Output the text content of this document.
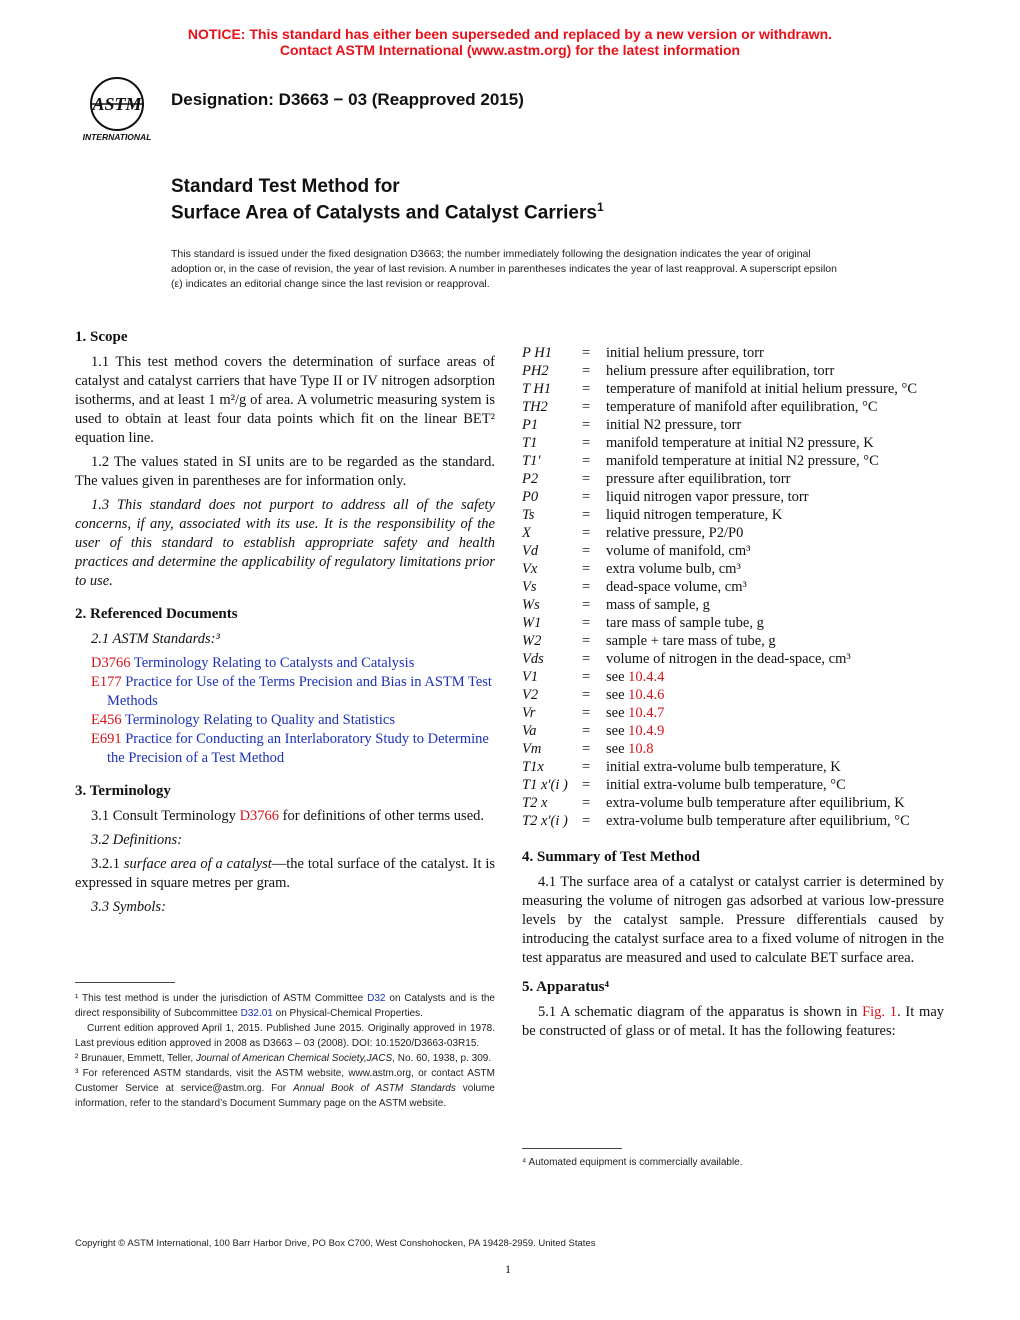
NOTICE: This standard has either been superseded and replaced by a new version or withdrawn.
Contact ASTM International (www.astm.org) for the latest information
ASTM
INTERNATIONAL
Designation: D3663 − 03 (Reapproved 2015)
Standard Test Method for
Surface Area of Catalysts and Catalyst Carriers$^1$
This standard is issued under the fixed designation D3663; the number immediately following the designation indicates the year of original adoption or, in the case of revision, the year of last revision. A number in parentheses indicates the year of last reapproval. A superscript epsilon (ε) indicates an editorial change since the last revision or reapproval.
1. Scope

1.1 This test method covers the determination of surface areas of catalyst and catalyst carriers that have Type II or IV nitrogen adsorption isotherms, and at least 1 m²/g of area. A volumetric measuring system is used to obtain at least four data points which fit on the linear BET² equation line.

1.2 The values stated in SI units are to be regarded as the standard. The values given in parentheses are for information only.

1.3 This standard does not purport to address all of the safety concerns, if any, associated with its use. It is the responsibility of the user of this standard to establish appropriate safety and health practices and determine the applicability of regulatory limitations prior to use.

2. Referenced Documents

2.1 ASTM Standards:³

D3766 Terminology Relating to Catalysts and Catalysis

E177 Practice for Use of the Terms Precision and Bias in ASTM Test Methods

E456 Terminology Relating to Quality and Statistics

E691 Practice for Conducting an Interlaboratory Study to Determine the Precision of a Test Method

3. Terminology

3.1 Consult Terminology D3766 for definitions of other terms used.

3.2 Definitions:

3.2.1 surface area of a catalyst—the total surface of the catalyst. It is expressed in square metres per gram.

3.3 Symbols:

¹ This test method is under the jurisdiction of ASTM Committee D32 on Catalysts and is the direct responsibility of Subcommittee D32.01 on Physical-Chemical Properties.

Current edition approved April 1, 2015. Published June 2015. Originally approved in 1978. Last previous edition approved in 2008 as D3663 – 03 (2008). DOI: 10.1520/D3663-03R15.

² Brunauer, Emmett, Teller, Journal of American Chemical Society,JACS, No. 60, 1938, p. 309.

³ For referenced ASTM standards, visit the ASTM website, www.astm.org, or contact ASTM Customer Service at service@astm.org. For Annual Book of ASTM Standards volume information, refer to the standard’s Document Summary page on the ASTM website.

P H1	=	initial helium pressure, torr
PH2	=	helium pressure after equilibration, torr
T H1	=	temperature of manifold at initial helium pressure, °C
TH2	=	temperature of manifold after equilibration, °C
P1	=	initial N2 pressure, torr
T1	=	manifold temperature at initial N2 pressure, K
T1′	=	manifold temperature at initial N2 pressure, °C
P2	=	pressure after equilibration, torr
P0	=	liquid nitrogen vapor pressure, torr
Ts	=	liquid nitrogen temperature, K
X	=	relative pressure, P2/P0
Vd	=	volume of manifold, cm³
Vx	=	extra volume bulb, cm³
Vs	=	dead-space volume, cm³
Ws	=	mass of sample, g
W1	=	tare mass of sample tube, g
W2	=	sample + tare mass of tube, g
Vds	=	volume of nitrogen in the dead-space, cm³
V1	=	see 10.4.4
V2	=	see 10.4.6
Vr	=	see 10.4.7
Va	=	see 10.4.9
Vm	=	see 10.8
T1x	=	initial extra-volume bulb temperature, K
T1 x′(i ) =	initial extra-volume bulb temperature, °C
T2 x	=	extra-volume bulb temperature after equilibrium, K
T2 x′(i ) =	extra-volume bulb temperature after equilibrium, °C
4. Summary of Test Method

4.1 The surface area of a catalyst or catalyst carrier is determined by measuring the volume of nitrogen gas adsorbed at various low-pressure levels by the catalyst sample. Pressure differentials caused by introducing the catalyst surface area to a fixed volume of nitrogen in the test apparatus are measured and used to calculate BET surface area.

5. Apparatus⁴

5.1 A schematic diagram of the apparatus is shown in Fig. 1. It may be constructed of glass or of metal. It has the following features:

⁴ Automated equipment is commercially available.
Copyright © ASTM International, 100 Barr Harbor Drive, PO Box C700, West Conshohocken, PA 19428-2959. United States
1
